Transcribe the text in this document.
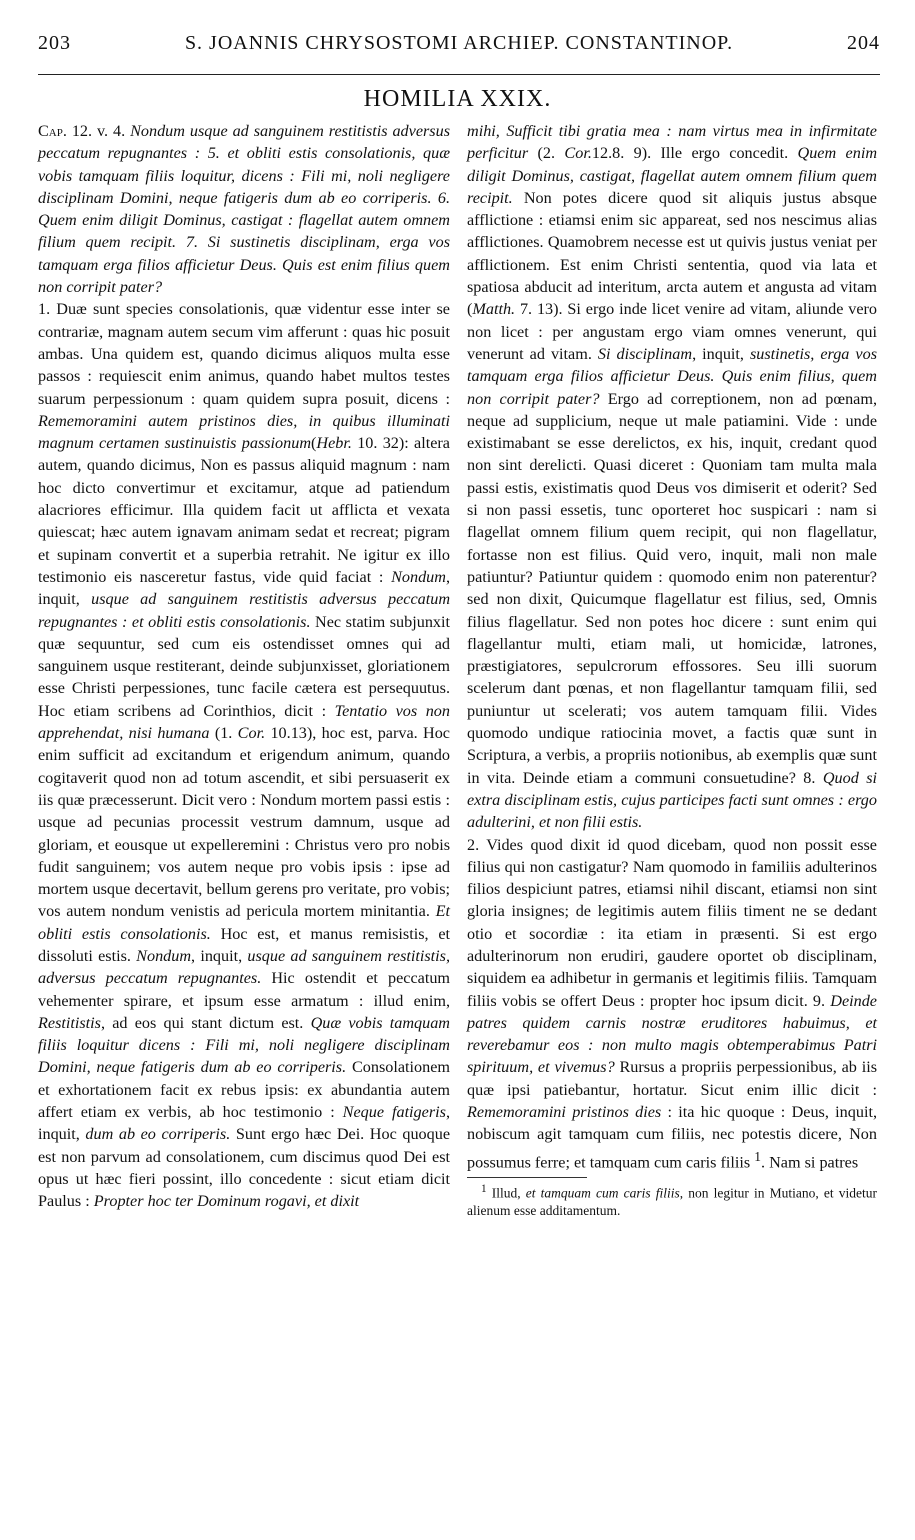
203	S. JOANNIS CHRYSOSTOMI ARCHIEP. CONSTANTINOP.	204
HOMILIA XXIX.

Cap. 12. v. 4. Nondum usque ad sanguinem restitistis adversus peccatum repugnantes : 5. et obliti estis consolationis, quæ vobis tamquam filiis loquitur, dicens : Fili mi, noli negligere disciplinam Domini, neque fatigeris dum ab eo corriperis. 6. Quem enim diligit Dominus, castigat : flagellat autem omnem filium quem recipit. 7. Si sustinetis disciplinam, erga vos tamquam erga filios afficietur Deus. Quis est enim filius quem non corripit pater?

1. Duæ sunt species consolationis, quæ videntur esse inter se contrariæ, magnam autem secum vim afferunt : quas hic posuit ambas. Una quidem est, quando dicimus aliquos multa esse passos : requiescit enim animus, quando habet multos testes suarum perpessionum : quam quidem supra posuit, dicens : Rememoramini autem pristinos dies, in quibus illuminati magnum certamen sustinuistis passionum(Hebr. 10. 32): altera autem, quando dicimus, Non es passus aliquid magnum : nam hoc dicto convertimur et excitamur, atque ad patiendum alacriores efficimur. Illa quidem facit ut afflicta et vexata quiescat; hæc autem ignavam animam sedat et recreat; pigram et supinam convertit et a superbia retrahit. Ne igitur ex illo testimonio eis nasceretur fastus, vide quid faciat : Nondum, inquit, usque ad sanguinem restitistis adversus peccatum repugnantes : et obliti estis consolationis. Nec statim subjunxit quæ sequuntur, sed cum eis ostendisset omnes qui ad sanguinem usque restiterant, deinde subjunxisset, gloriationem esse Christi perpessiones, tunc facile cætera est persequutus. Hoc etiam scribens ad Corinthios, dicit : Tentatio vos non apprehendat, nisi humana (1. Cor. 10.13), hoc est, parva. Hoc enim sufficit ad excitandum et erigendum animum, quando cogitaverit quod non ad totum ascendit, et sibi persuaserit ex iis quæ præcesserunt. Dicit vero : Nondum mortem passi estis : usque ad pecunias processit vestrum damnum, usque ad gloriam, et eousque ut expelleremini : Christus vero pro nobis fudit sanguinem; vos autem neque pro vobis ipsis : ipse ad mortem usque decertavit, bellum gerens pro veritate, pro vobis; vos autem nondum venistis ad pericula mortem minitantia. Et obliti estis consolationis. Hoc est, et manus remisistis, et dissoluti estis. Nondum, inquit, usque ad sanguinem restitistis, adversus peccatum repugnantes. Hic ostendit et peccatum vehementer spirare, et ipsum esse armatum : illud enim, Restitistis, ad eos qui stant dictum est. Quæ vobis tamquam filiis loquitur dicens : Fili mi, noli negligere disciplinam Domini, neque fatigeris dum ab eo corriperis. Consolationem et exhortationem facit ex rebus ipsis: ex abundantia autem affert etiam ex verbis, ab hoc testimonio : Neque fatigeris, inquit, dum ab eo corriperis. Sunt ergo hæc Dei. Hoc quoque est non parvum ad consolationem, cum discimus quod Dei est opus ut hæc fieri possint, illo concedente : sicut etiam dicit Paulus : Propter hoc ter Dominum rogavi, et dixit

mihi, Sufficit tibi gratia mea : nam virtus mea in infirmitate perficitur (2. Cor.12.8. 9). Ille ergo concedit. Quem enim diligit Dominus, castigat, flagellat autem omnem filium quem recipit. Non potes dicere quod sit aliquis justus absque afflictione : etiamsi enim sic appareat, sed nos nescimus alias afflictiones. Quamobrem necesse est ut quivis justus veniat per afflictionem. Est enim Christi sententia, quod via lata et spatiosa abducit ad interitum, arcta autem et angusta ad vitam (Matth. 7. 13). Si ergo inde licet venire ad vitam, aliunde vero non licet : per angustam ergo viam omnes venerunt, qui venerunt ad vitam. Si disciplinam, inquit, sustinetis, erga vos tamquam erga filios afficietur Deus. Quis enim filius, quem non corripit pater? Ergo ad correptionem, non ad pœnam, neque ad supplicium, neque ut male patiamini. Vide : unde existimabant se esse derelictos, ex his, inquit, credant quod non sint derelicti. Quasi diceret : Quoniam tam multa mala passi estis, existimatis quod Deus vos dimiserit et oderit? Sed si non passi essetis, tunc oporteret hoc suspicari : nam si flagellat omnem filium quem recipit, qui non flagellatur, fortasse non est filius. Quid vero, inquit, mali non male patiuntur? Patiuntur quidem : quomodo enim non paterentur? sed non dixit, Quicumque flagellatur est filius, sed, Omnis filius flagellatur. Sed non potes hoc dicere : sunt enim qui flagellantur multi, etiam mali, ut homicidæ, latrones, præstigiatores, sepulcrorum effossores. Seu illi suorum scelerum dant pœnas, et non flagellantur tamquam filii, sed puniuntur ut scelerati; vos autem tamquam filii. Vides quomodo undique ratiocinia movet, a factis quæ sunt in Scriptura, a verbis, a propriis notionibus, ab exemplis quæ sunt in vita. Deinde etiam a communi consuetudine? 8. Quod si extra disciplinam estis, cujus participes facti sunt omnes : ergo adulterini, et non filii estis.

2. Vides quod dixit id quod dicebam, quod non possit esse filius qui non castigatur? Nam quomodo in familiis adulterinos filios despiciunt patres, etiamsi nihil discant, etiamsi non sint gloria insignes; de legitimis autem filiis timent ne se dedant otio et socordiæ : ita etiam in præsenti. Si est ergo adulterinorum non erudiri, gaudere oportet ob disciplinam, siquidem ea adhibetur in germanis et legitimis filiis. Tamquam filiis vobis se offert Deus : propter hoc ipsum dicit. 9. Deinde patres quidem carnis nostræ eruditores habuimus, et reverebamur eos : non multo magis obtemperabimus Patri spirituum, et vivemus? Rursus a propriis perpessionibus, ab iis quæ ipsi patiebantur, hortatur. Sicut enim illic dicit : Rememoramini pristinos dies : ita hic quoque : Deus, inquit, nobiscum agit tamquam cum filiis, nec potestis dicere, Non possumus ferre; et tamquam cum caris filiis $^1$. Nam si patres

$^1$ Illud, et tamquam cum caris filiis, non legitur in Mutiano, et videtur alienum esse additamentum.
